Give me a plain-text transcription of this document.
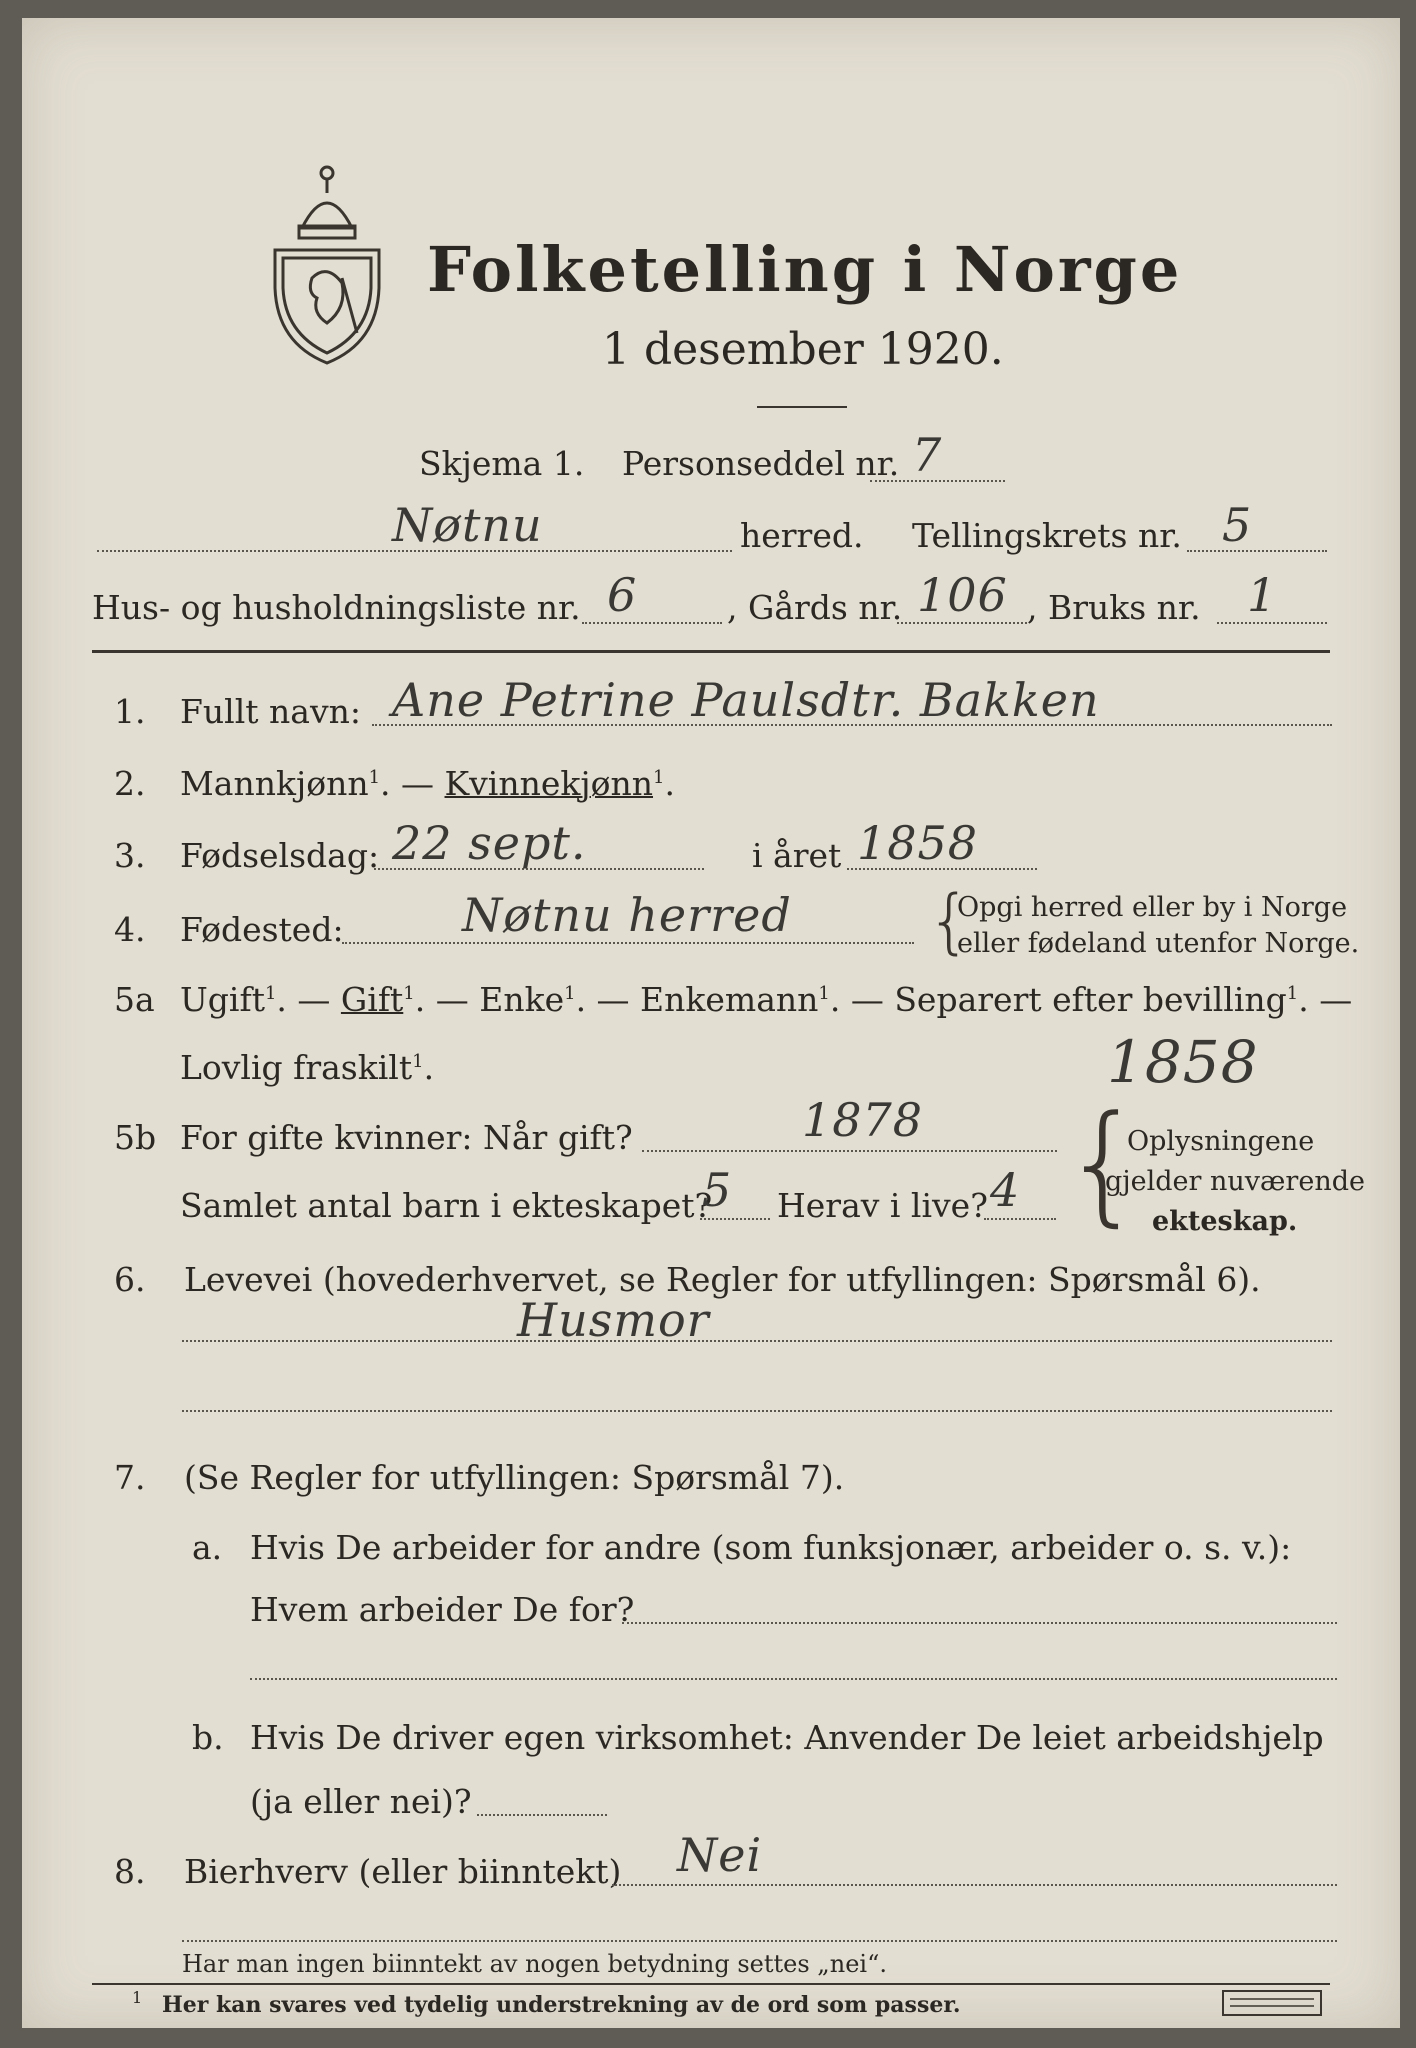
Folketelling i Norge
1 desember 1920.
Skjema 1. Personseddel nr. 7
Nøtnu	herred. Tellingskrets nr. 5
Hus- og husholdningsliste nr. 6	, Gårds nr. 106 , Bruks nr. 1
1. Fullt navn: Ane Petrine Paulsdtr. Bakken
2. Mannkjønn$^1$. — Kvinnekjønn$^1$.
3. Fødselsdag: 22 sept.	i året 1858
4. Fødested:	Nøtnu herred {
Opgi herred eller by i Norge
eller fødeland utenfor Norge.
5a Ugift$^1$. — Gift$^1$. — Enke$^1$. — Enkemann$^1$. — Separert efter bevilling$^1$. —
Lovlig fraskilt$^1$.	1858
5b For gifte kvinner: Når gift?	1878
Samlet antal barn i ekteskapet?
5 Herav i live? 4 {
Oplysningene
gjelder nuværende
ekteskap.
6. Levevei (hovederhvervet, se Regler for utfyllingen: Spørsmål 6).
Husmor
7. (Se Regler for utfyllingen: Spørsmål 7).
a. Hvis De arbeider for andre (som funksjonær, arbeider o. s. v.):
Hvem arbeider De for?
b. Hvis De driver egen virksomhet: Anvender De leiet arbeidshjelp
(ja eller nei)?
8. Bierhverv (eller biinntekt) Nei
Har man ingen biinntekt av nogen betydning settes „nei“.
1 Her kan svares ved tydelig understrekning av de ord som passer.
